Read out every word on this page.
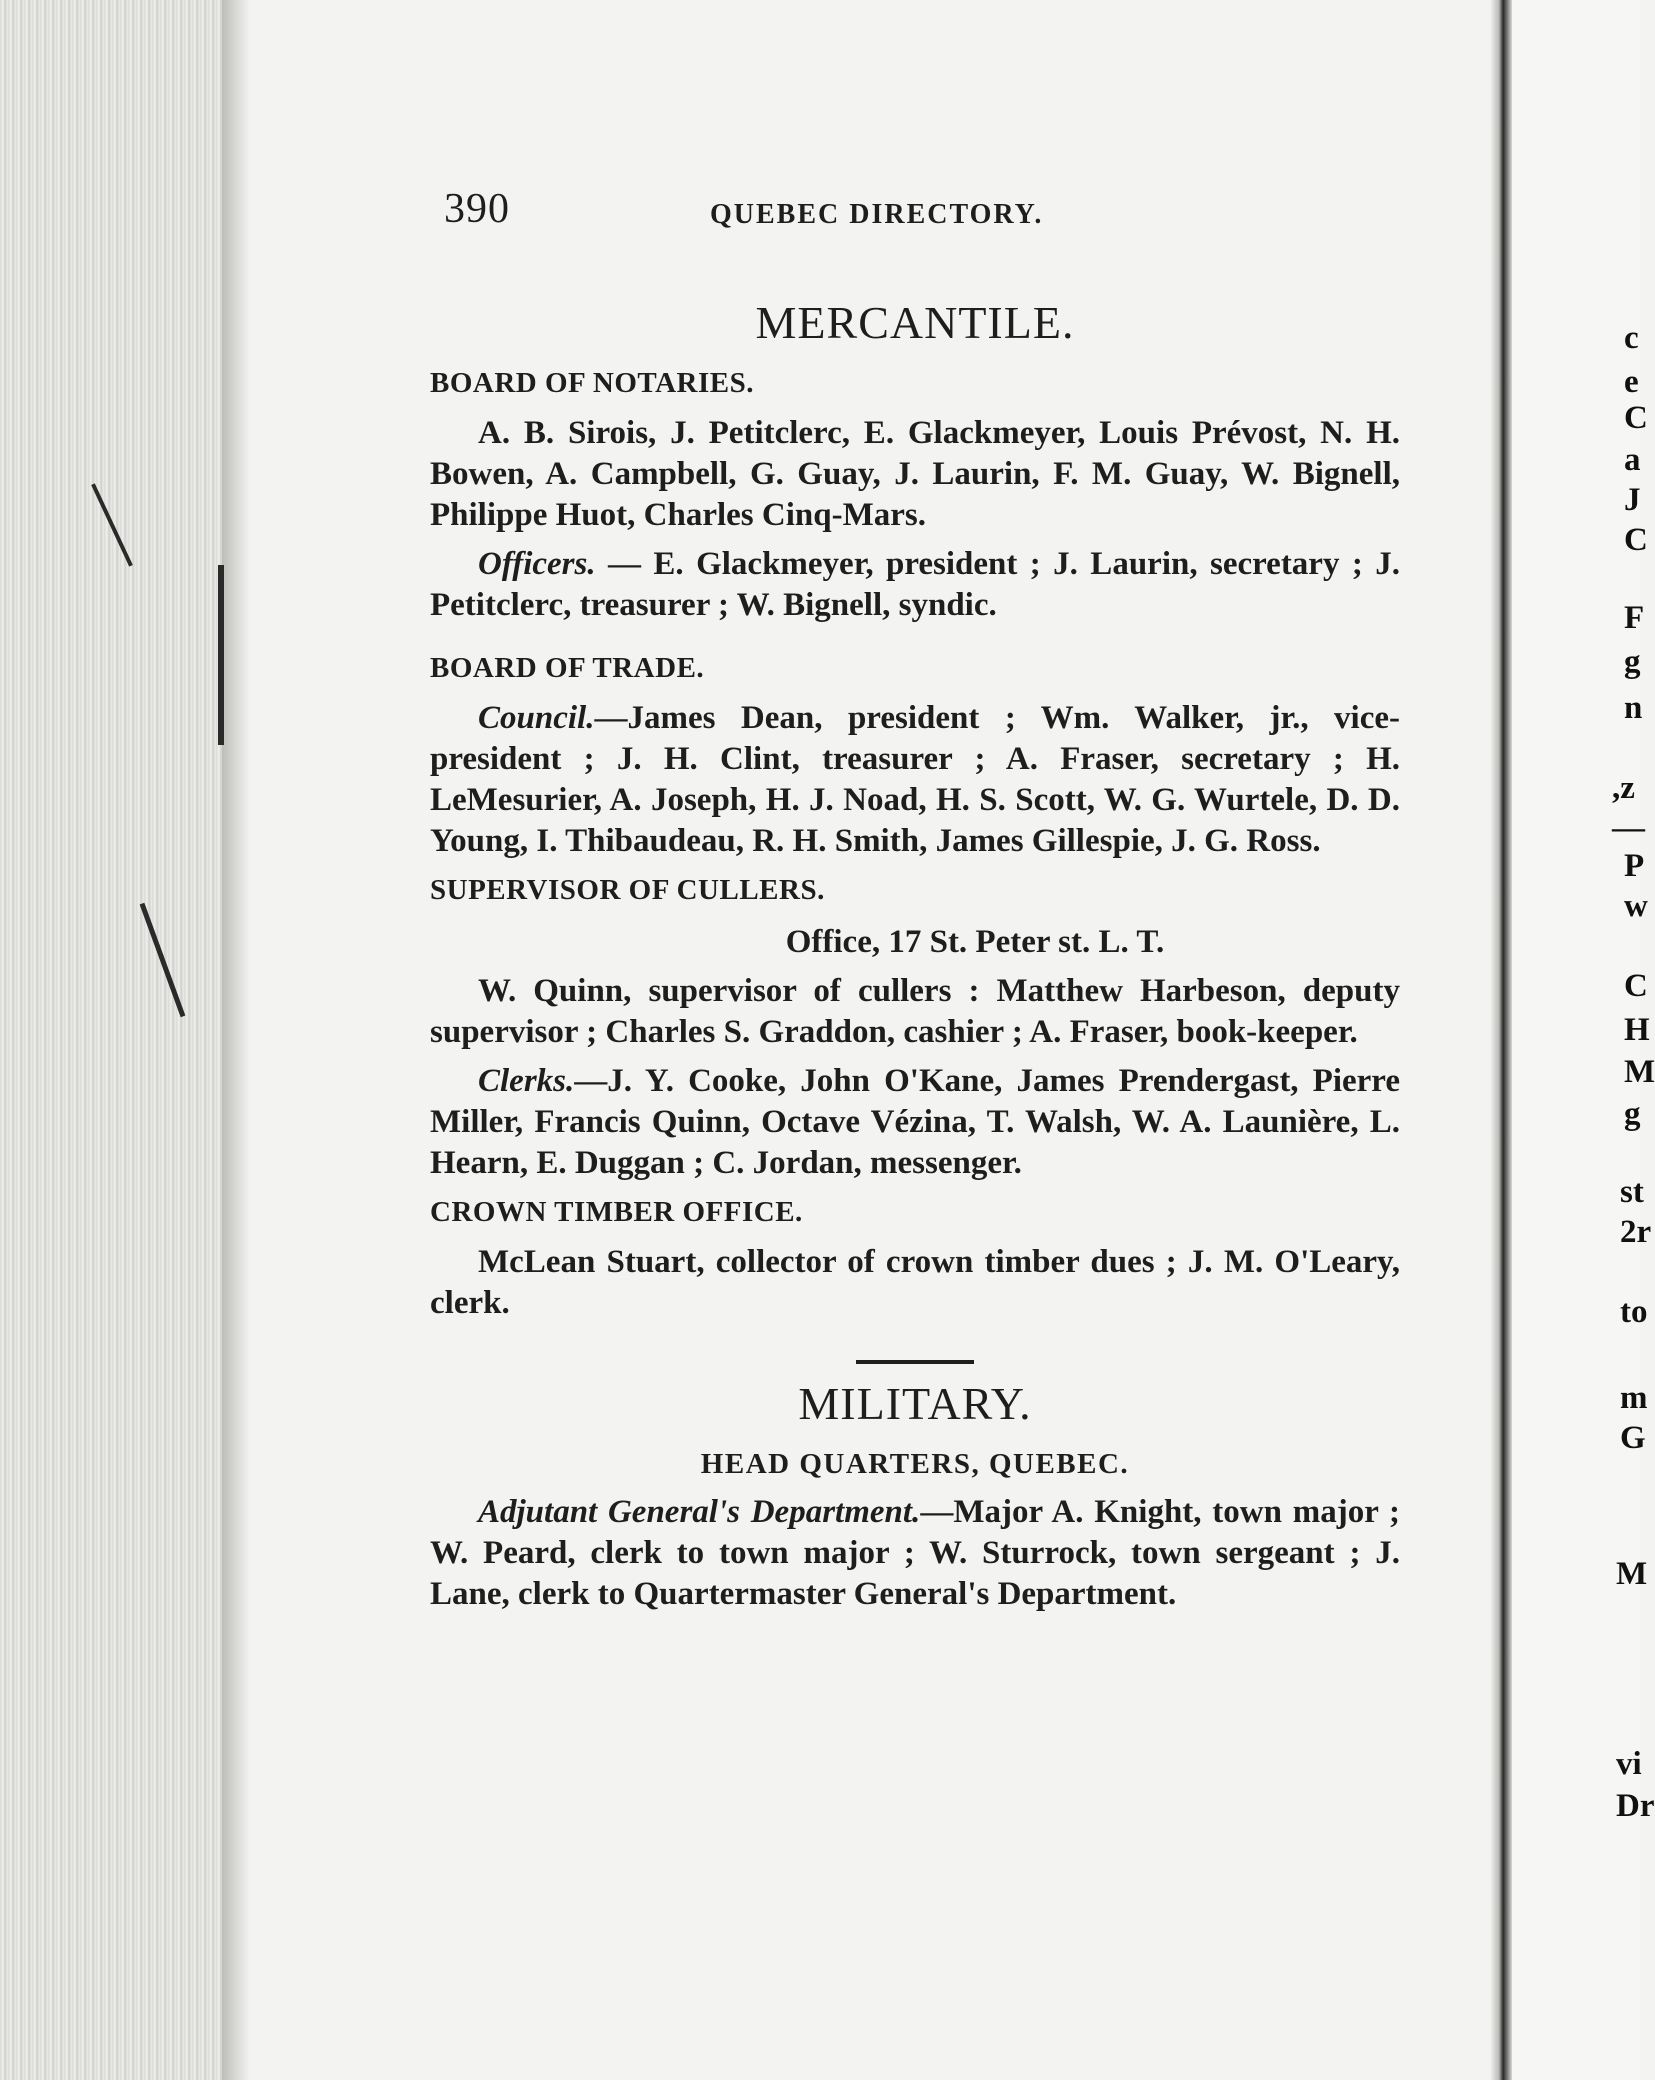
c
e
C
a
J
C
F
g
n
,z
—
P
w
C
H
M
g
st
2r
to
m
G
M
vi
Dr
390	QUEBEC DIRECTORY.
MERCANTILE.
BOARD OF NOTARIES.

A. B. Sirois, J. Petitclerc, E. Glackmeyer, Louis Prévost, N. H. Bowen, A. Campbell, G. Guay, J. Laurin, F. M. Guay, W. Bignell, Philippe Huot, Charles Cinq-Mars.

Officers. — E. Glackmeyer, president ; J. Laurin, secretary ; J. Petitclerc, treasurer ; W. Bignell, syndic.

BOARD OF TRADE.

Council.—James Dean, president ; Wm. Walker, jr., vice-president ; J. H. Clint, treasurer ; A. Fraser, secretary ; H. LeMesurier, A. Joseph, H. J. Noad, H. S. Scott, W. G. Wurtele, D. D. Young, I. Thibaudeau, R. H. Smith, James Gillespie, J. G. Ross.

SUPERVISOR OF CULLERS.
Office, 17 St. Peter st. L. T.

W. Quinn, supervisor of cullers : Matthew Harbeson, deputy supervisor ; Charles S. Graddon, cashier ; A. Fraser, book-keeper.

Clerks.—J. Y. Cooke, John O'Kane, James Prendergast, Pierre Miller, Francis Quinn, Octave Vézina, T. Walsh, W. A. Launière, L. Hearn, E. Duggan ; C. Jordan, messenger.

CROWN TIMBER OFFICE.

McLean Stuart, collector of crown timber dues ; J. M. O'Leary, clerk.

MILITARY.
HEAD QUARTERS, QUEBEC.

Adjutant General's Department.—Major A. Knight, town major ; W. Peard, clerk to town major ; W. Sturrock, town sergeant ; J. Lane, clerk to Quartermaster General's Department.
